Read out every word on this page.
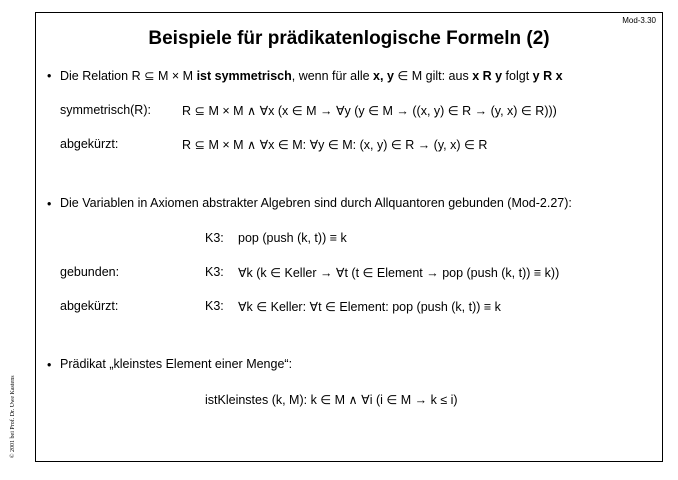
Mod-3.30
Beispiele für prädikatenlogische Formeln (2)
• Die Relation R ⊆ M × M ist symmetrisch, wenn für alle x, y ∈ M gilt: aus x R y folgt y R x
symmetrisch(R): R ⊆ M × M ∧ ∀x (x ∈ M → ∀y (y ∈ M → ((x, y) ∈ R → (y, x) ∈ R)))
abgekürzt:	R ⊆ M × M ∧ ∀x ∈ M: ∀y ∈ M: (x, y) ∈ R → (y, x) ∈ R
• Die Variablen in Axiomen abstrakter Algebren sind durch Allquantoren gebunden (Mod-2.27):
K3: pop (push (k, t)) ≡ k
gebunden:	K3: ∀k (k ∈ Keller → ∀t (t ∈ Element → pop (push (k, t)) ≡ k))
abgekürzt:	K3: ∀k ∈ Keller: ∀t ∈ Element: pop (push (k, t)) ≡ k
• Prädikat „kleinstes Element einer Menge“:
istKleinstes (k, M): k ∈ M ∧ ∀i (i ∈ M → k ≤ i)
© 2001 bei Prof. Dr. Uwe Kastens
